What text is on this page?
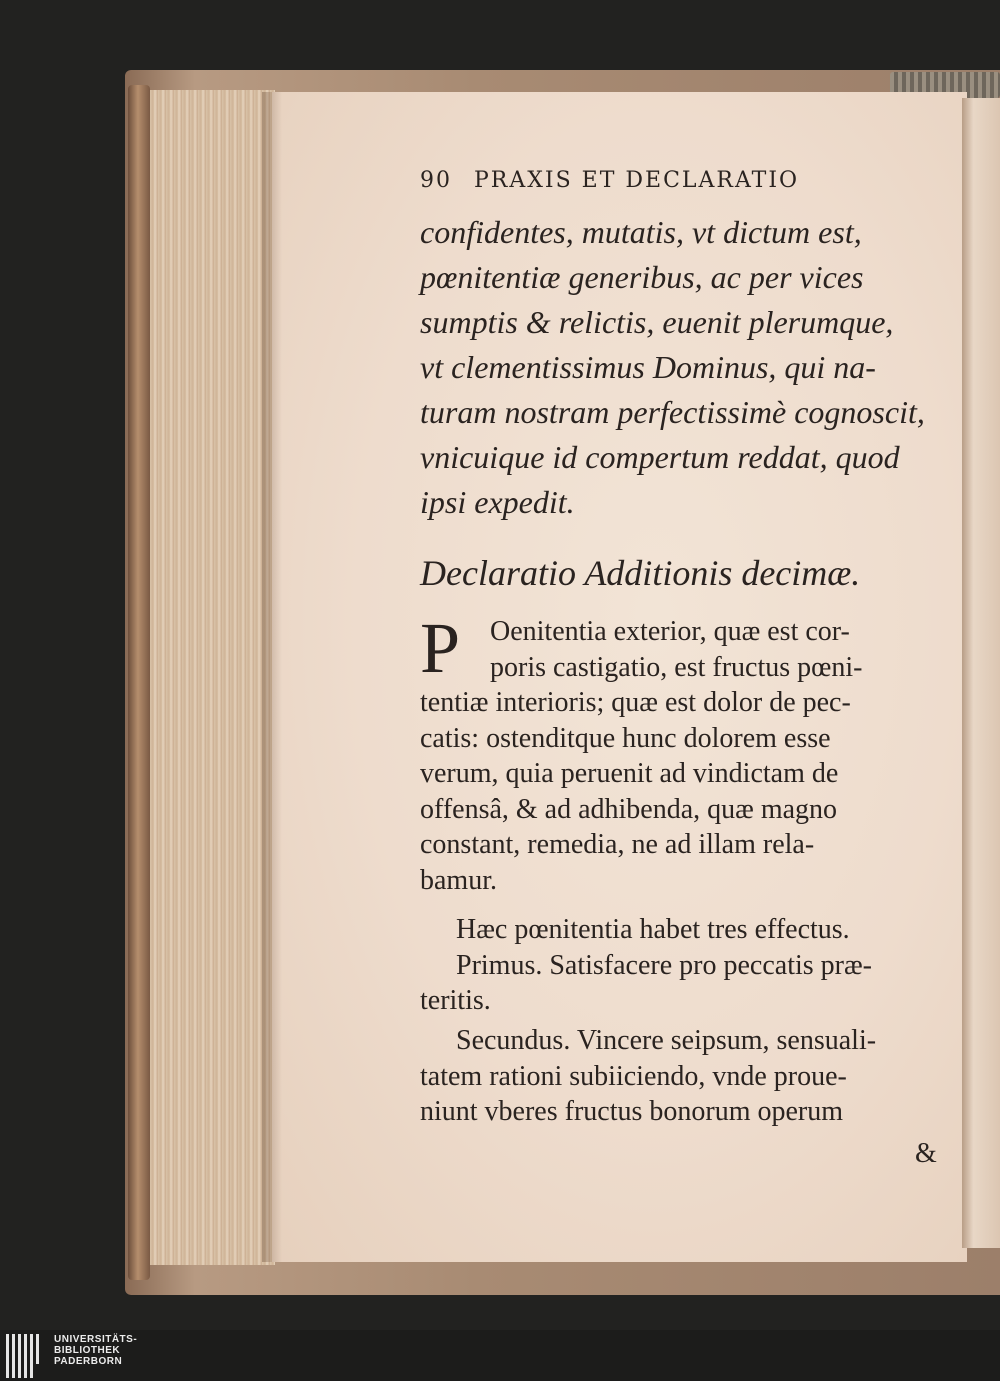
90 PRAXIS ET DECLARATIO
confidentes, mutatis, vt dictum est,
pœnitentiæ generibus, ac per vices
sumptis & relictis, euenit plerumque,
vt clementissimus Dominus, qui na-
turam nostram perfectissimè cognoscit,
vnicuique id compertum reddat, quod
ipsi expedit.
Declaratio Additionis decimæ.
P	Oenitentia exterior, quæ est cor-
poris castigatio, est fructus pœni-
tentiæ interioris; quæ est dolor de pec-
catis: ostenditque hunc dolorem esse
verum, quia peruenit ad vindictam de
offensâ, & ad adhibenda, quæ magno
constant, remedia, ne ad illam rela-
bamur.
Hæc pœnitentia habet tres effectus.
Primus. Satisfacere pro peccatis præ-
teritis.
Secundus. Vincere seipsum, sensuali-
tatem rationi subiiciendo, vnde proue-
niunt vberes fructus bonorum operum
&
UNIVERSITÄTS-
BIBLIOTHEK
PADERBORN
